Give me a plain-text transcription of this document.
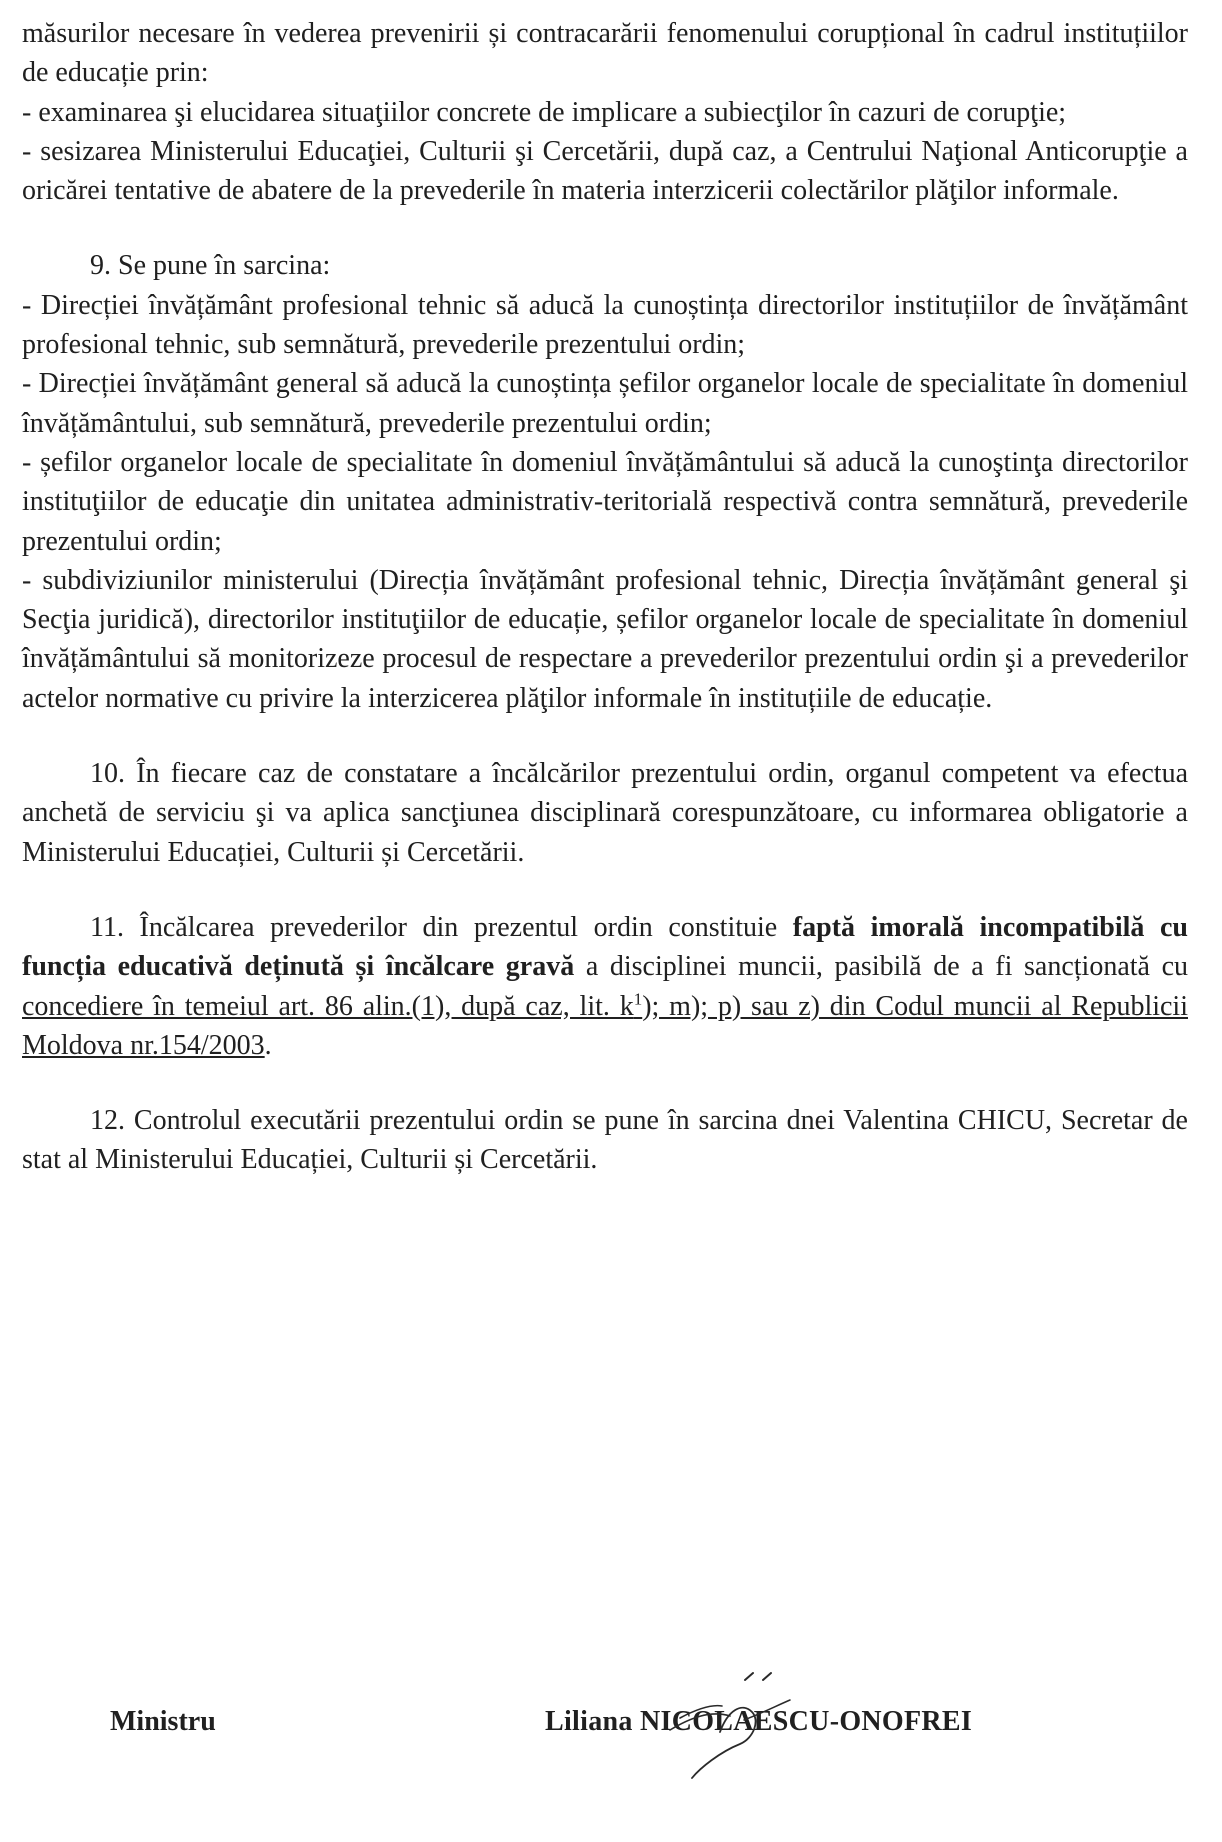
măsurilor necesare în vederea prevenirii și contracarării fenomenului corupțional în cadrul instituțiilor de educație prin:

- examinarea şi elucidarea situaţiilor concrete de implicare a subiecţilor în cazuri de corupţie;

- sesizarea Ministerului Educaţiei, Culturii şi Cercetării, după caz, a Centrului Naţional Anticorupţie a oricărei tentative de abatere de la prevederile în materia interzicerii colectărilor plăţilor informale.

9. Se pune în sarcina:

- Direcției învățământ profesional tehnic să aducă la cunoștința directorilor instituțiilor de învățământ profesional tehnic, sub semnătură, prevederile prezentului ordin;

- Direcției învățământ general să aducă la cunoștința șefilor organelor locale de specialitate în domeniul învățământului, sub semnătură, prevederile prezentului ordin;

- șefilor organelor locale de specialitate în domeniul învățământului să aducă la cunoştinţa directorilor instituţiilor de educaţie din unitatea administrativ-teritorială respectivă contra semnătură, prevederile prezentului ordin;

- subdiviziunilor ministerului (Direcția învățământ profesional tehnic, Direcția învățământ general şi Secţia juridică), directorilor instituţiilor de educație, șefilor organelor locale de specialitate în domeniul învățământului să monitorizeze procesul de respectare a prevederilor prezentului ordin şi a prevederilor actelor normative cu privire la interzicerea plăţilor informale în instituțiile de educație.

10. În fiecare caz de constatare a încălcărilor prezentului ordin, organul competent va efectua anchetă de serviciu şi va aplica sancţiunea disciplinară corespunzătoare, cu informarea obligatorie a Ministerului Educației, Culturii și Cercetării.

11. Încălcarea prevederilor din prezentul ordin constituie faptă imorală incompatibilă cu funcția educativă deținută și încălcare gravă a disciplinei muncii, pasibilă de a fi sancționată cu concediere în temeiul art. 86 alin.(1), după caz, lit. $k^1$); m); p) sau z) din Codul muncii al Republicii Moldova nr.154/2003.

12. Controlul executării prezentului ordin se pune în sarcina dnei Valentina CHICU, Secretar de stat al Ministerului Educației, Culturii și Cercetării.

Ministru	Liliana NICOLAESCU-ONOFREI
